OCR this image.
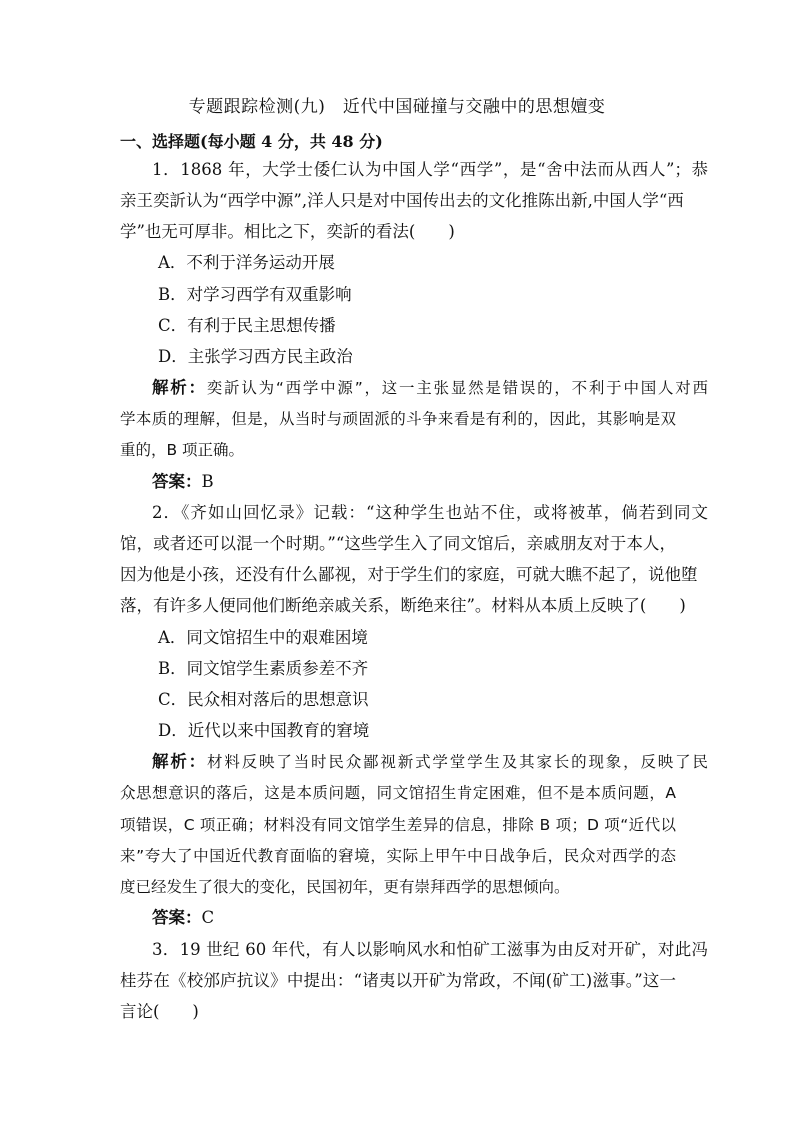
专题跟踪检测(九)　近代中国碰撞与交融中的思想嬗变
一、选择题(每小题 4 分，共 48 分)
1．1868 年，大学士倭仁认为中国人学“西学”，是“舍中法而从西人”；恭
亲王奕訢认为“西学中源”,洋人只是对中国传出去的文化推陈出新,中国人学“西
学”也无可厚非。相比之下，奕訢的看法(　　)
A．不利于洋务运动开展
B．对学习西学有双重影响
C．有利于民主思想传播
D．主张学习西方民主政治
解析：奕訢认为“西学中源”，这一主张显然是错误的，不利于中国人对西
学本质的理解，但是，从当时与顽固派的斗争来看是有利的，因此，其影响是双
重的，B 项正确。
答案：B
2．《齐如山回忆录》记载：“这种学生也站不住，或将被革，倘若到同文
馆，或者还可以混一个时期。”“这些学生入了同文馆后，亲戚朋友对于本人，
因为他是小孩，还没有什么鄙视，对于学生们的家庭，可就大瞧不起了，说他堕
落，有许多人便同他们断绝亲戚关系，断绝来往”。材料从本质上反映了(　　)
A．同文馆招生中的艰难困境
B．同文馆学生素质参差不齐
C．民众相对落后的思想意识
D．近代以来中国教育的窘境
解析：材料反映了当时民众鄙视新式学堂学生及其家长的现象，反映了民
众思想意识的落后，这是本质问题，同文馆招生肯定困难，但不是本质问题，A
项错误，C 项正确；材料没有同文馆学生差异的信息，排除 B 项；D 项“近代以
来”夸大了中国近代教育面临的窘境，实际上甲午中日战争后，民众对西学的态
度已经发生了很大的变化，民国初年，更有崇拜西学的思想倾向。
答案：C
3．19 世纪 60 年代，有人以影响风水和怕矿工滋事为由反对开矿，对此冯
桂芬在《校邠庐抗议》中提出：“诸夷以开矿为常政，不闻(矿工)滋事。”这一
言论(　　)
